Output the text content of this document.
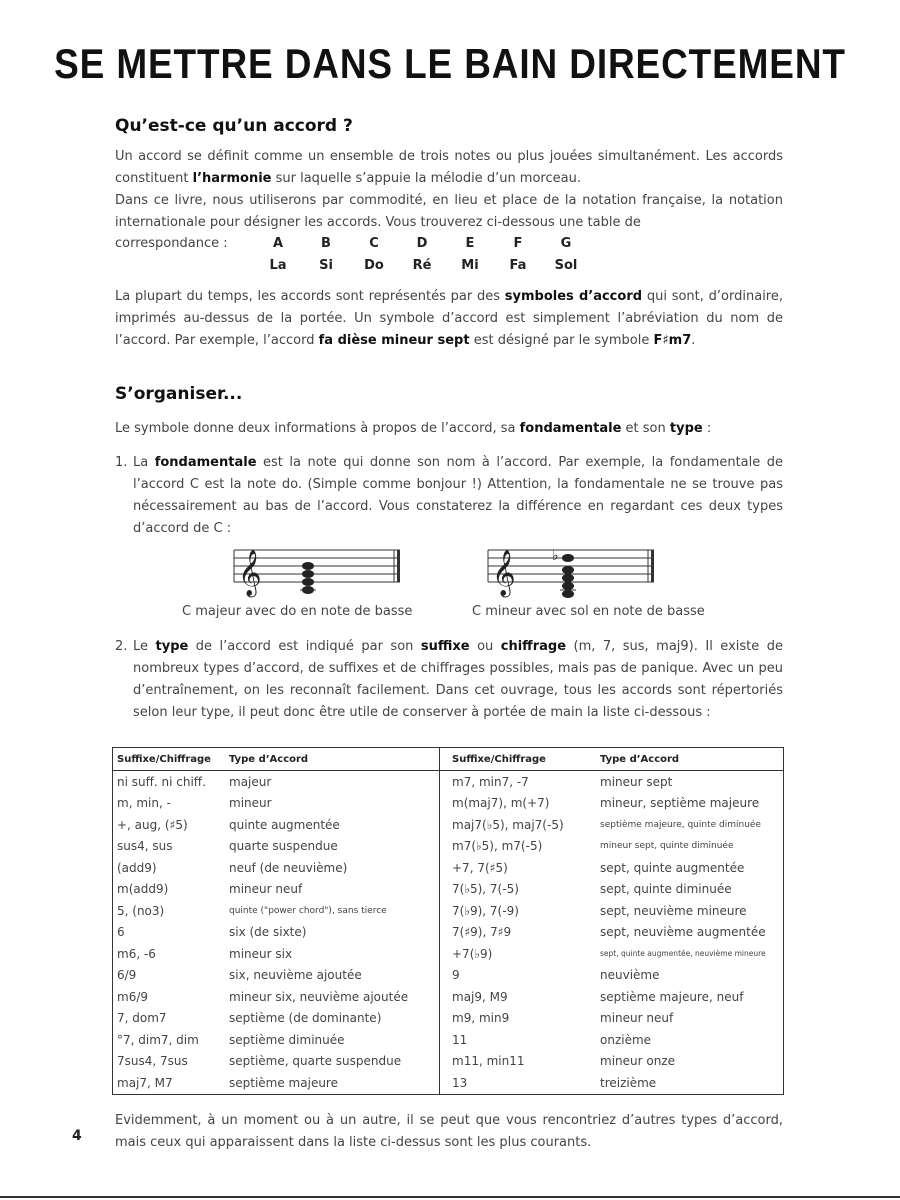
SE METTRE DANS LE BAIN DIRECTEMENT
Qu’est-ce qu’un accord ?
Un accord se définit comme un ensemble de trois notes ou plus jouées simultanément. Les accords constituent l’harmonie sur laquelle s’appuie la mélodie d’un morceau.
Dans ce livre, nous utiliserons par commodité, en lieu et place de la notation française, la notation internationale pour désigner les accords. Vous trouverez ci-dessous une table de
correspondance :	A	B	C	D	E	F	G
La	Si	Do	Ré	Mi	Fa	Sol
La plupart du temps, les accords sont représentés par des symboles d’accord qui sont, d’ordinaire, imprimés au-dessus de la portée. Un symbole d’accord est simplement l’abréviation du nom de l’accord. Par exemple, l’accord fa dièse mineur sept est désigné par le symbole F♯m7.
S’organiser...
Le symbole donne deux informations à propos de l’accord, sa fondamentale et son type :
1. La fondamentale est la note qui donne son nom à l’accord. Par exemple, la fondamentale de l’accord C est la note do. (Simple comme bonjour !) Attention, la fondamentale ne se trouve pas nécessairement au bas de l’accord. Vous constaterez la différence en regardant ces deux types d’accord de C :
𝄞	𝄞	♭
C majeur avec do en note de basse	C mineur avec sol en note de basse
2. Le type de l’accord est indiqué par son suffixe ou chiffrage (m, 7, sus, maj9). Il existe de nombreux types d’accord, de suffixes et de chiffrages possibles, mais pas de panique. Avec un peu d’entraînement, on les reconnaît facilement. Dans cet ouvrage, tous les accords sont répertoriés selon leur type, il peut donc être utile de conserver à portée de main la liste ci-dessous :
Suffixe/Chiffrage	Type d’Accord	Suffixe/Chiffrage	Type d’Accord
ni suff. ni chiff.	majeur	m7, min7, -7	mineur sept
m, min, -	mineur	m(maj7), m(+7)	mineur, septième majeure
+, aug, (♯5)	quinte augmentée	maj7(♭5), maj7(-5)	septième majeure, quinte diminuée
sus4, sus	quarte suspendue	m7(♭5), m7(-5)	mineur sept, quinte diminuée
(add9)	neuf (de neuvième)	+7, 7(♯5)	sept, quinte augmentée
m(add9)	mineur neuf	7(♭5), 7(-5)	sept, quinte diminuée
5, (no3)	quinte ("power chord"), sans tierce	7(♭9), 7(-9)	sept, neuvième mineure
6	six (de sixte)	7(♯9), 7♯9	sept, neuvième augmentée
m6, -6	mineur six	+7(♭9)	sept, quinte augmentée, neuvième mineure
6/9	six, neuvième ajoutée	9	neuvième
m6/9	mineur six, neuvième ajoutée	maj9, M9	septième majeure, neuf
7, dom7	septième (de dominante)	m9, min9	mineur neuf
°7, dim7, dim	septième diminuée	11	onzième
7sus4, 7sus	septième, quarte suspendue	m11, min11	mineur onze
maj7, M7	septième majeure	13	treizième
Evidemment, à un moment ou à un autre, il se peut que vous rencontriez d’autres types d’accord, mais ceux qui apparaissent dans la liste ci-dessus sont les plus courants.
4
